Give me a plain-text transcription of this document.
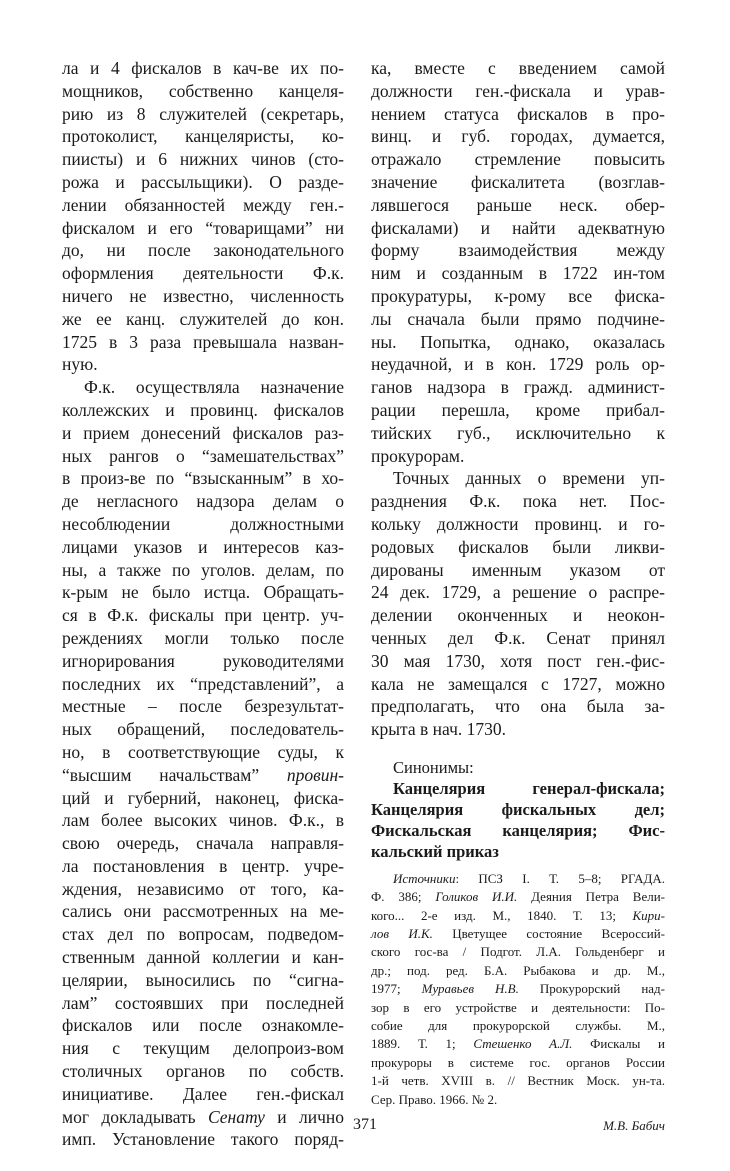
ла и 4 фискалов в кач-ве их по-
мощников, собственно канцеля-
рию из 8 служителей (секретарь,
протоколист, канцеляристы, ко-
пиисты) и 6 нижних чинов (сто-
рожа и рассыльщики). О разде-
лении обязанностей между ген.-
фискалом и его “товарищами” ни
до, ни после законодательного
оформления деятельности Ф.к.
ничего не известно, численность
же ее канц. служителей до кон.
1725 в 3 раза превышала назван-
ную.
Ф.к. осуществляла назначение
коллежских и провинц. фискалов
и прием донесений фискалов раз-
ных рангов о “замешательствах”
в произ-ве по “взысканным” в хо-
де негласного надзора делам о
несоблюдении должностными
лицами указов и интересов каз-
ны, а также по уголов. делам, по
к-рым не было истца. Обращать-
ся в Ф.к. фискалы при центр. уч-
реждениях могли только после
игнорирования руководителями
последних их “представлений”, а
местные – после безрезультат-
ных обращений, последователь-
но, в соответствующие суды, к
“высшим начальствам” провин-
ций и губерний, наконец, фиска-
лам более высоких чинов. Ф.к., в
свою очередь, сначала направля-
ла постановления в центр. учре-
ждения, независимо от того, ка-
сались они рассмотренных на ме-
стах дел по вопросам, подведом-
ственным данной коллегии и кан-
целярии, выносились по “сигна-
лам” состоявших при последней
фискалов или после ознакомле-
ния с текущим делопроиз-вом
столичных органов по собств.
инициативе. Далее ген.-фискал
мог докладывать Сенату и лично
имп. Установление такого поряд-
ка, вместе с введением самой
должности ген.-фискала и урав-
нением статуса фискалов в про-
винц. и губ. городах, думается,
отражало стремление повысить
значение фискалитета (возглав-
лявшегося раньше неск. обер-
фискалами) и найти адекватную
форму взаимодействия между
ним и созданным в 1722 ин-том
прокуратуры, к-рому все фиска-
лы сначала были прямо подчине-
ны. Попытка, однако, оказалась
неудачной, и в кон. 1729 роль ор-
ганов надзора в гражд. админист-
рации перешла, кроме прибал-
тийских губ., исключительно к
прокурорам.
Точных данных о времени уп-
разднения Ф.к. пока нет. Пос-
кольку должности провинц. и го-
родовых фискалов были ликви-
дированы именным указом от
24 дек. 1729, а решение о распре-
делении оконченных и неокон-
ченных дел Ф.к. Сенат принял
30 мая 1730, хотя пост ген.-фис-
кала не замещался с 1727, можно
предполагать, что она была за-
крыта в нач. 1730.
Синонимы:
Канцелярия генерал-фискала;
Канцелярия фискальных дел;
Фискальская канцелярия; Фис-
кальский приказ
Источники: ПСЗ I. Т. 5–8; РГАДА.
Ф. 386; Голиков И.И. Деяния Петра Вели-
кого... 2-е изд. М., 1840. Т. 13; Кири-
лов И.К. Цветущее состояние Всероссий-
ского гос-ва / Подгот. Л.А. Гольденберг и
др.; под. ред. Б.А. Рыбакова и др. М.,
1977; Муравьев Н.В. Прокурорский над-
зор в его устройстве и деятельности: По-
собие для прокурорской службы. М.,
1889. Т. 1; Стешенко А.Л. Фискалы и
прокуроры в системе гос. органов России
1-й четв. XVIII в. // Вестник Моск. ун-та.
Сер. Право. 1966. № 2.
М.В. Бабич
371
